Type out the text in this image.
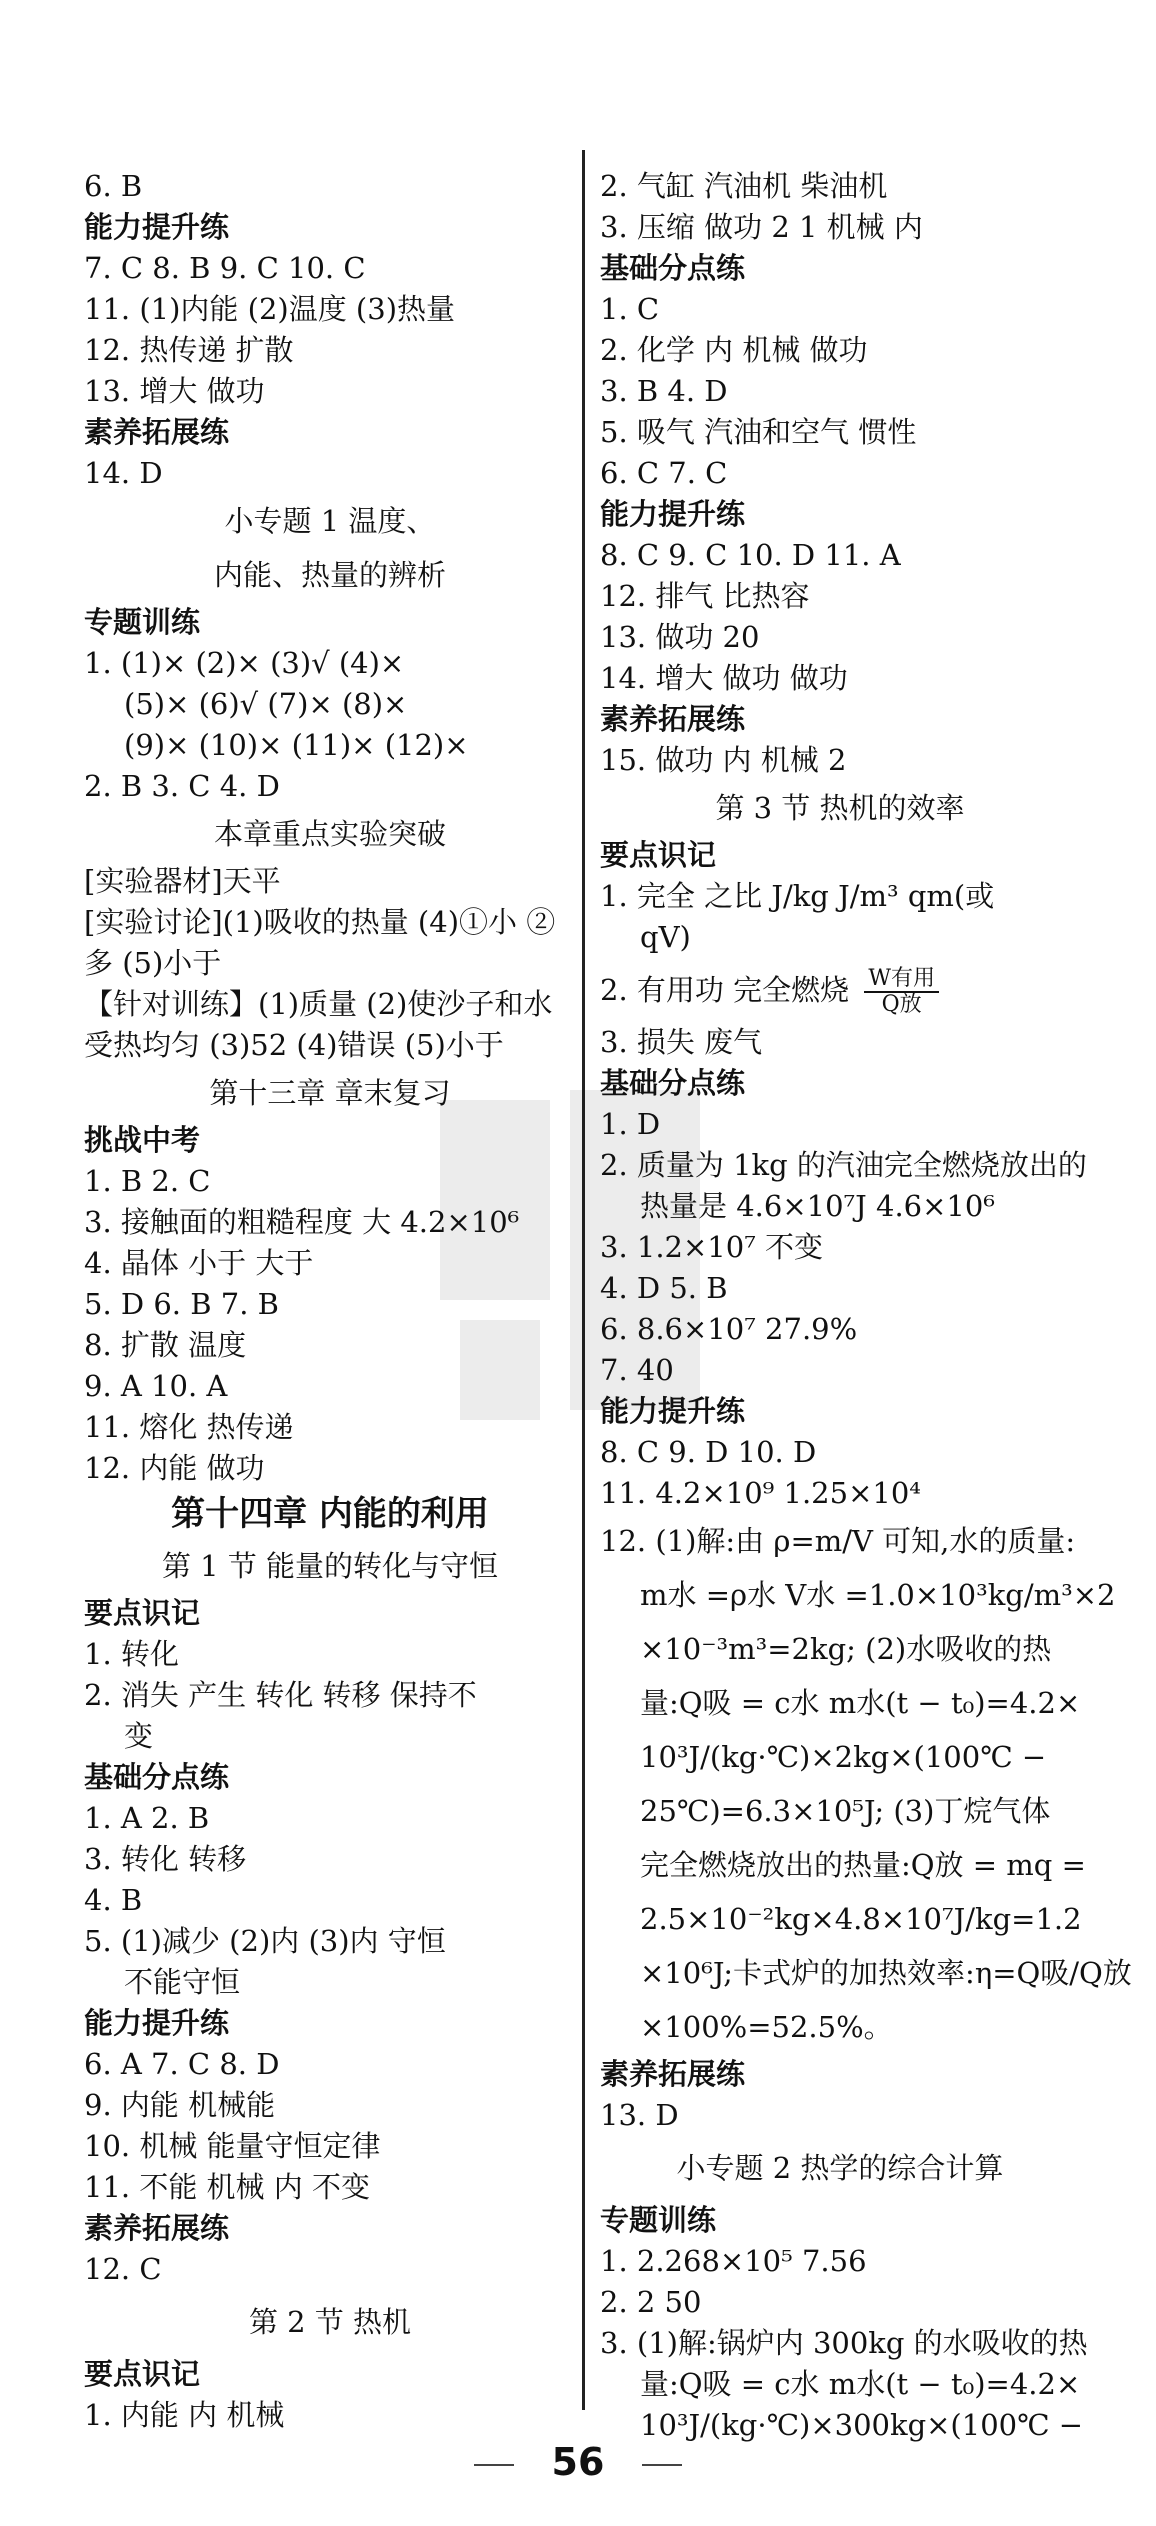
6. B
能力提升练
7. C 8. B 9. C 10. C
11. (1)内能 (2)温度 (3)热量
12. 热传递 扩散
13. 增大 做功
素养拓展练
14. D
小专题 1 温度、
内能、热量的辨析
专题训练
1. (1)× (2)× (3)√ (4)×
(5)× (6)√ (7)× (8)×
(9)× (10)× (11)× (12)×
2. B 3. C 4. D
本章重点实验突破
[实验器材]天平
[实验讨论](1)吸收的热量 (4)①小 ②
多 (5)小于
【针对训练】(1)质量 (2)使沙子和水
受热均匀 (3)52 (4)错误 (5)小于
第十三章 章末复习
挑战中考
1. B 2. C
3. 接触面的粗糙程度 大 4.2×10⁶
4. 晶体 小于 大于
5. D 6. B 7. B
8. 扩散 温度
9. A 10. A
11. 熔化 热传递
12. 内能 做功
第十四章 内能的利用
第 1 节 能量的转化与守恒
要点识记
1. 转化
2. 消失 产生 转化 转移 保持不
变
基础分点练
1. A 2. B
3. 转化 转移
4. B
5. (1)减少 (2)内 (3)内 守恒
不能守恒
能力提升练
6. A 7. C 8. D
9. 内能 机械能
10. 机械 能量守恒定律
11. 不能 机械 内 不变
素养拓展练
12. C
第 2 节 热机
要点识记
1. 内能 内 机械
2. 气缸 汽油机 柴油机
3. 压缩 做功 2 1 机械 内
基础分点练
1. C
2. 化学 内 机械 做功
3. B 4. D
5. 吸气 汽油和空气 惯性
6. C 7. C
能力提升练
8. C 9. C 10. D 11. A
12. 排气 比热容
13. 做功 20
14. 增大 做功 做功
素养拓展练
15. 做功 内 机械 2
第 3 节 热机的效率
要点识记
1. 完全 之比 J/kg J/m³ qm(或
qV)
2. 有用功 完全燃烧 $\frac{\text{W有用}}{\text{Q放}}$
3. 损失 废气
基础分点练
1. D
2. 质量为 1kg 的汽油完全燃烧放出的
热量是 4.6×10⁷J 4.6×10⁶
3. 1.2×10⁷ 不变
4. D 5. B
6. 8.6×10⁷ 27.9%
7. 40
能力提升练
8. C 9. D 10. D
11. 4.2×10⁹ 1.25×10⁴
12. (1)解:由 ρ=m/V 可知,水的质量:
m水 =ρ水 V水 =1.0×10³kg/m³×2
×10⁻³m³=2kg; (2)水吸收的热
量:Q吸 = c水 m水(t − t₀)=4.2×
10³J/(kg·℃)×2kg×(100℃ −
25℃)=6.3×10⁵J; (3)丁烷气体
完全燃烧放出的热量:Q放 = mq =
2.5×10⁻²kg×4.8×10⁷J/kg=1.2
×10⁶J;卡式炉的加热效率:η=Q吸/Q放
×100%=52.5%。
素养拓展练
13. D
小专题 2 热学的综合计算
专题训练
1. 2.268×10⁵ 7.56
2. 2 50
3. (1)解:锅炉内 300kg 的水吸收的热
量:Q吸 = c水 m水(t − t₀)=4.2×
10³J/(kg·℃)×300kg×(100℃ −
56
